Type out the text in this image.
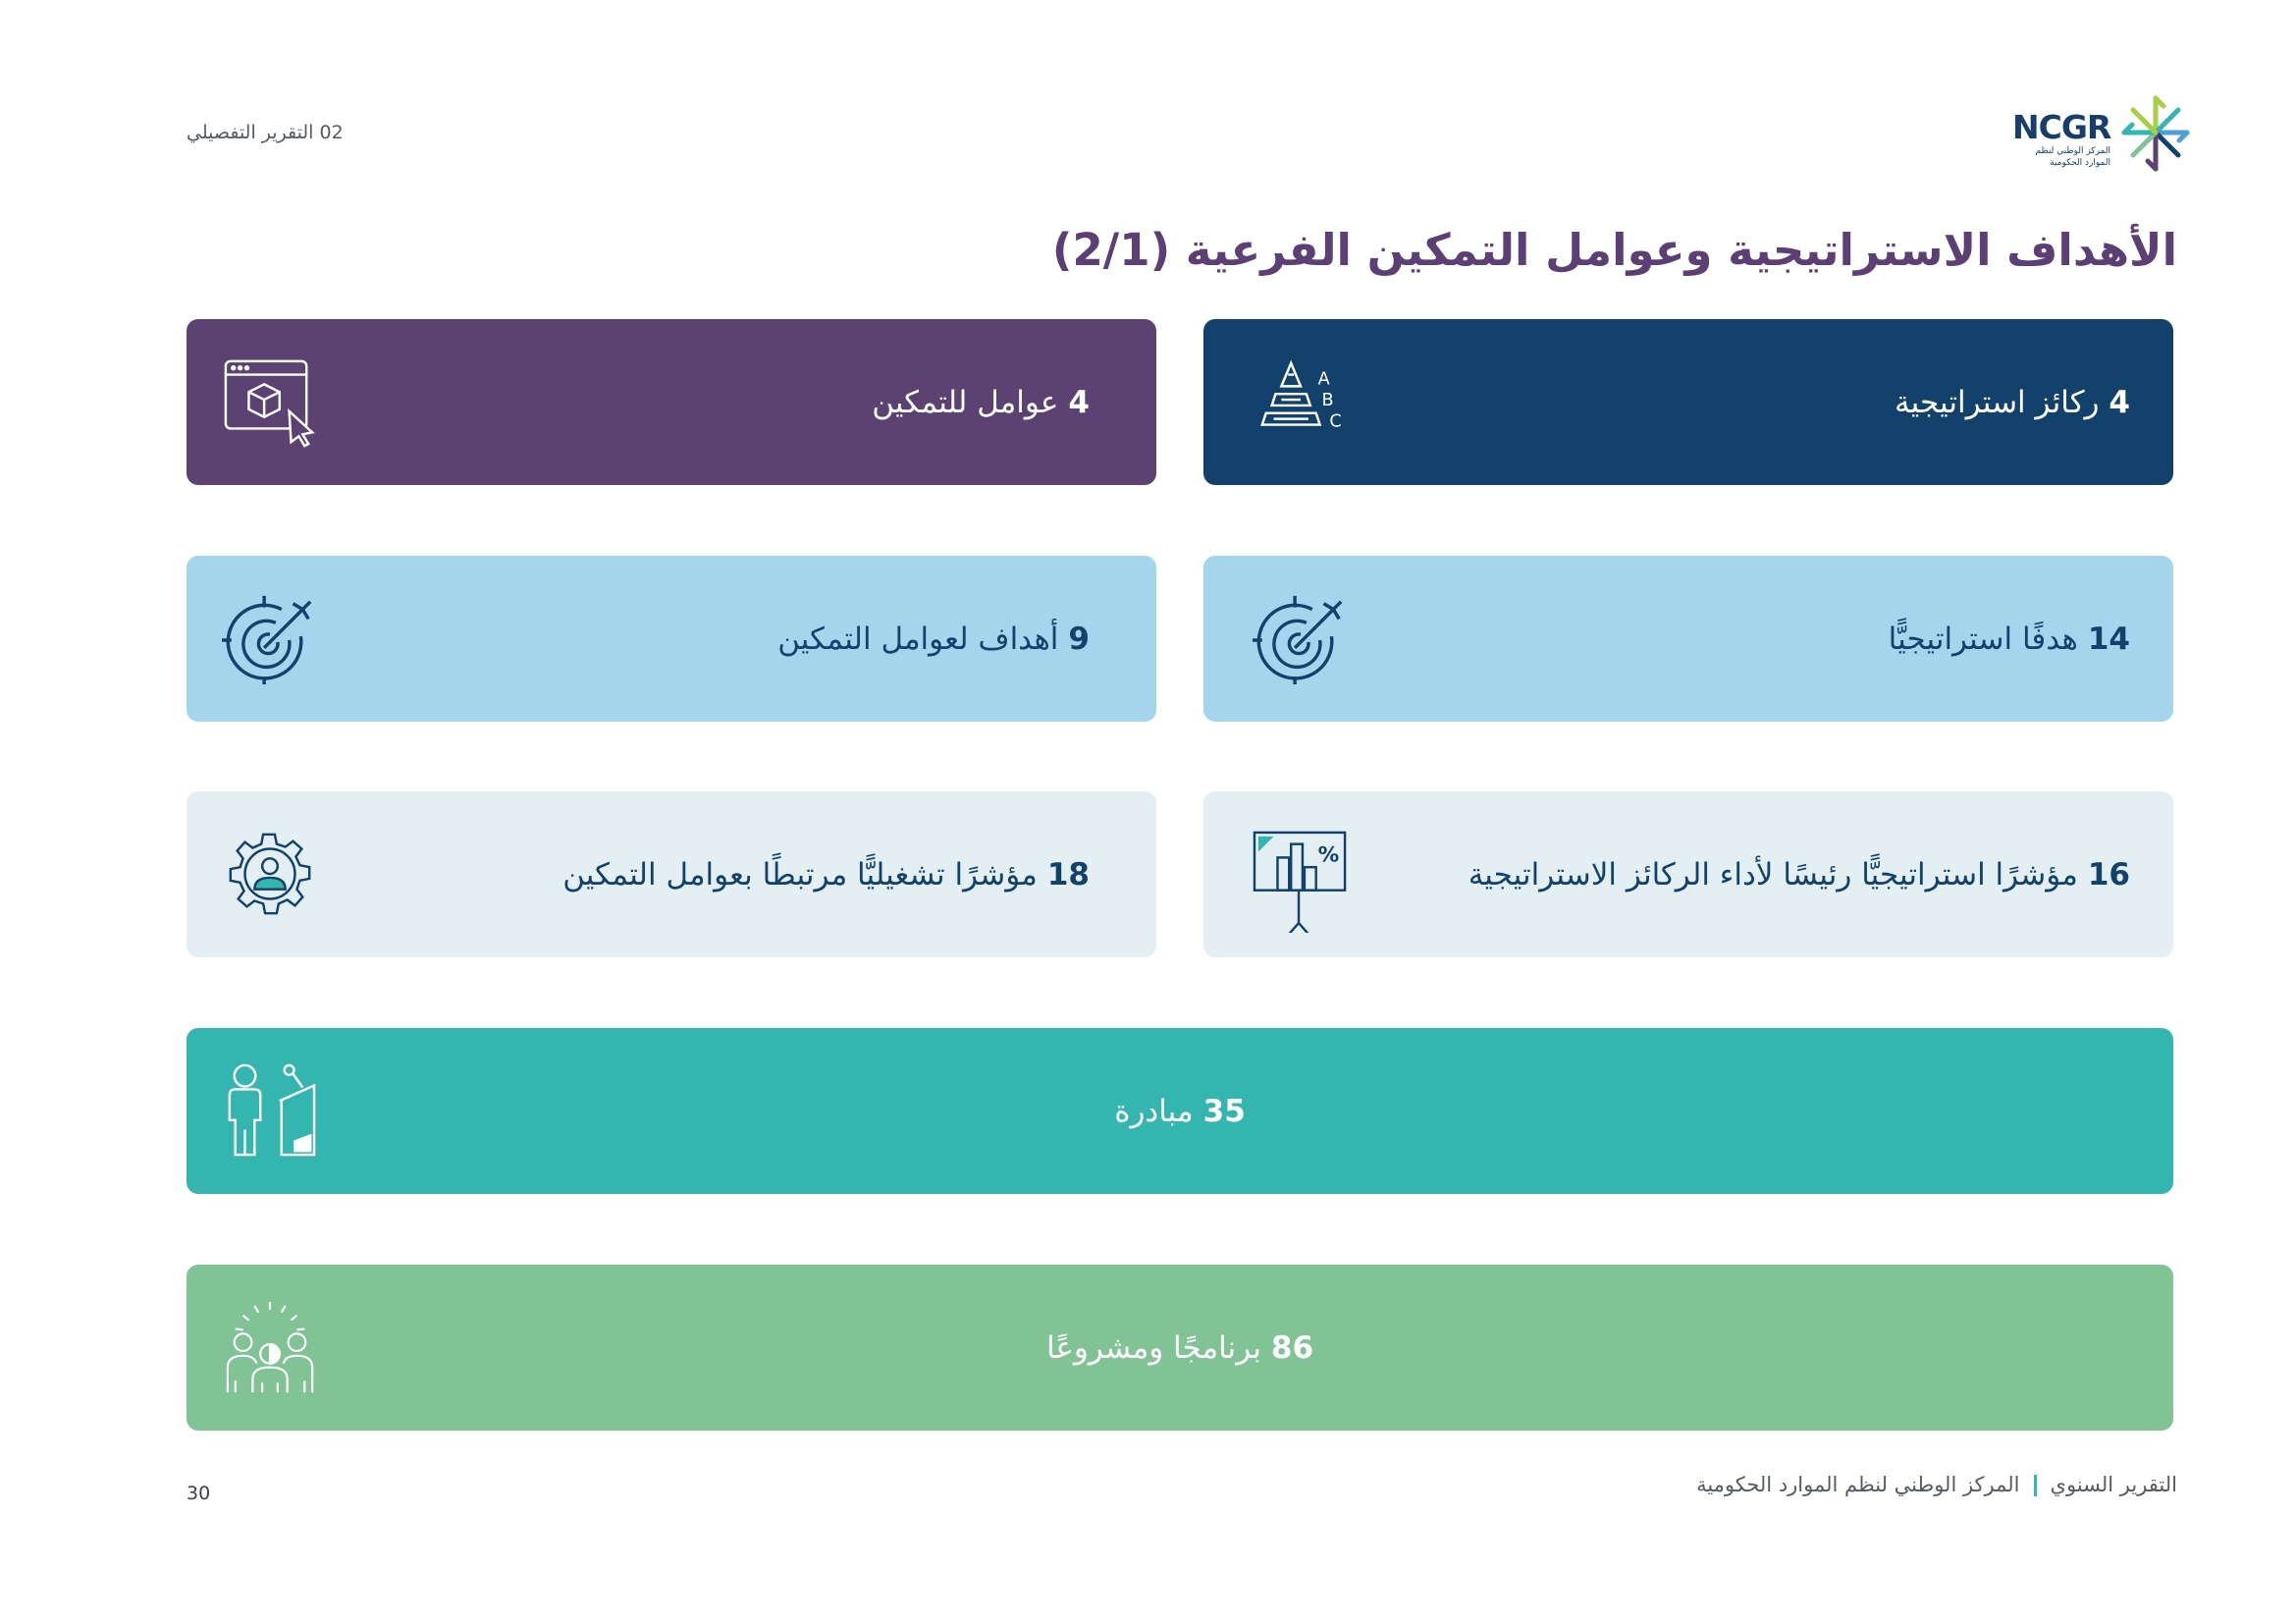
02 التقرير التفصيلي	NCGR
المركز الوطني لنظم
الموارد الحكومية
الأهداف الاستراتيجية وعوامل التمكين الفرعية (2/1)
4
ركائز استراتيجية
A
B
C
4
عوامل للتمكين
14
هدفًا استراتيجيًّا
9
أهداف لعوامل التمكين
16
مؤشرًا استراتيجيًّا رئيسًا لأداء الركائز الاستراتيجية
%
18
مؤشرًا تشغيليًّا مرتبطًا بعوامل التمكين
35
مبادرة
86
برنامجًا ومشروعًا
30	التقرير السنويالمركز الوطني لنظم الموارد الحكومية
